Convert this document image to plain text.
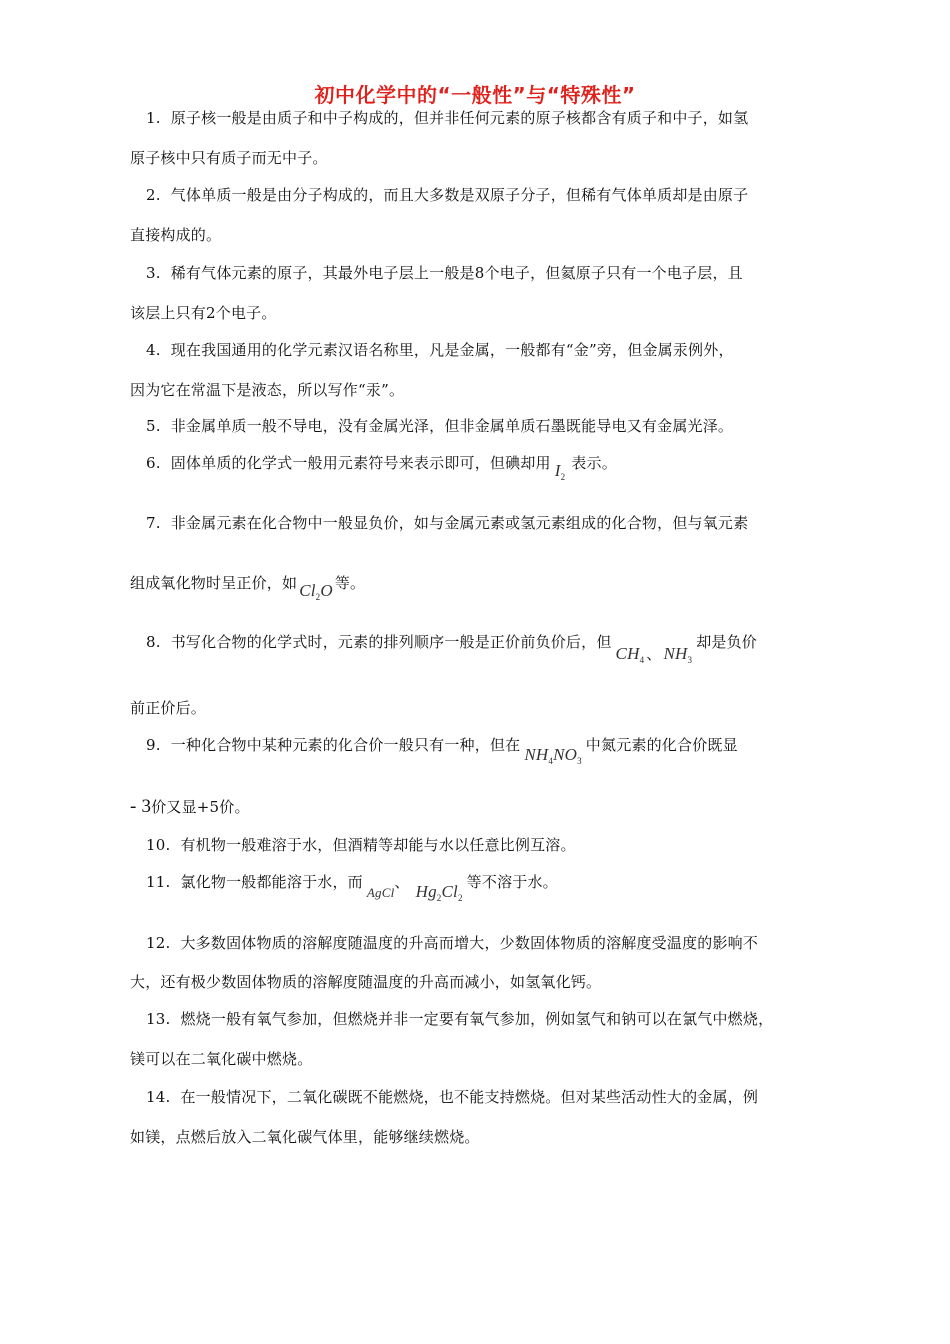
初中化学中的“一般性”与“特殊性”
1. 原子核一般是由质子和中子构成的，但并非任何元素的原子核都含有质子和中子，如氢
原子核中只有质子而无中子。
2. 气体单质一般是由分子构成的，而且大多数是双原子分子，但稀有气体单质却是由原子
直接构成的。
3. 稀有气体元素的原子，其最外电子层上一般是8个电子，但氦原子只有一个电子层，且
该层上只有2个电子。
4. 现在我国通用的化学元素汉语名称里，凡是金属，一般都有“金”旁，但金属汞例外，
因为它在常温下是液态，所以写作“汞”。
5. 非金属单质一般不导电，没有金属光泽，但非金属单质石墨既能导电又有金属光泽。
6. 固体单质的化学式一般用元素符号来表示即可，但碘却用 $I_2$表示。
7. 非金属元素在化合物中一般显负价，如与金属元素或氢元素组成的化合物，但与氧元素
组成氧化物时呈正价，如 $Cl_2O$ 等。
8. 书写化合物的化学式时，元素的排列顺序一般是正价前负价后，但$CH_4$ 、 $NH_3$却是负价
前正价后。
9. 一种化合物中某种元素的化合价一般只有一种，但在 $NH_4NO_3$中氮元素的化合价既显
- 3价又显+5价。
10. 有机物一般难溶于水，但酒精等却能与水以任意比例互溶。
11. 氯化物一般都能溶于水，而AgCl、 $Hg_2Cl_2$等不溶于水。
12. 大多数固体物质的溶解度随温度的升高而增大，少数固体物质的溶解度受温度的影响不
大，还有极少数固体物质的溶解度随温度的升高而减小，如氢氧化钙。
13. 燃烧一般有氧气参加，但燃烧并非一定要有氧气参加，例如氢气和钠可以在氯气中燃烧，
镁可以在二氧化碳中燃烧。
14. 在一般情况下，二氧化碳既不能燃烧，也不能支持燃烧。但对某些活动性大的金属，例
如镁，点燃后放入二氧化碳气体里，能够继续燃烧。
